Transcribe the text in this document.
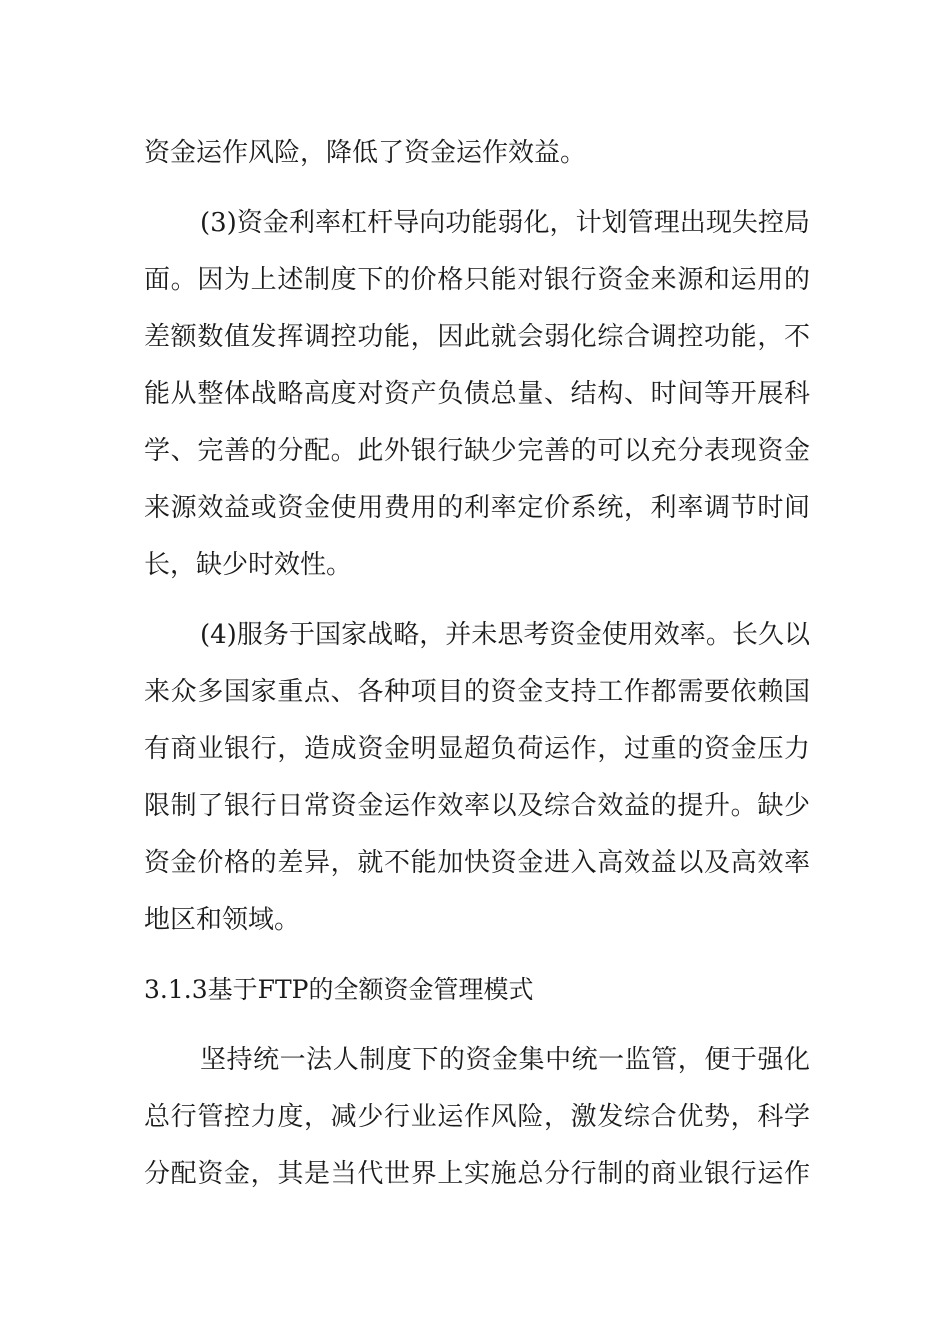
资金运作风险，降低了资金运作效益。
(3)资金利率杠杆导向功能弱化，计划管理出现失控局
面。因为上述制度下的价格只能对银行资金来源和运用的
差额数值发挥调控功能，因此就会弱化综合调控功能，不
能从整体战略高度对资产负债总量、结构、时间等开展科
学、完善的分配。此外银行缺少完善的可以充分表现资金
来源效益或资金使用费用的利率定价系统，利率调节时间
长，缺少时效性。
(4)服务于国家战略，并未思考资金使用效率。长久以
来众多国家重点、各种项目的资金支持工作都需要依赖国
有商业银行，造成资金明显超负荷运作，过重的资金压力
限制了银行日常资金运作效率以及综合效益的提升。缺少
资金价格的差异，就不能加快资金进入高效益以及高效率
地区和领域。
3.1.3基于FTP的全额资金管理模式
坚持统一法人制度下的资金集中统一监管，便于强化
总行管控力度，减少行业运作风险，激发综合优势，科学
分配资金，其是当代世界上实施总分行制的商业银行运作
